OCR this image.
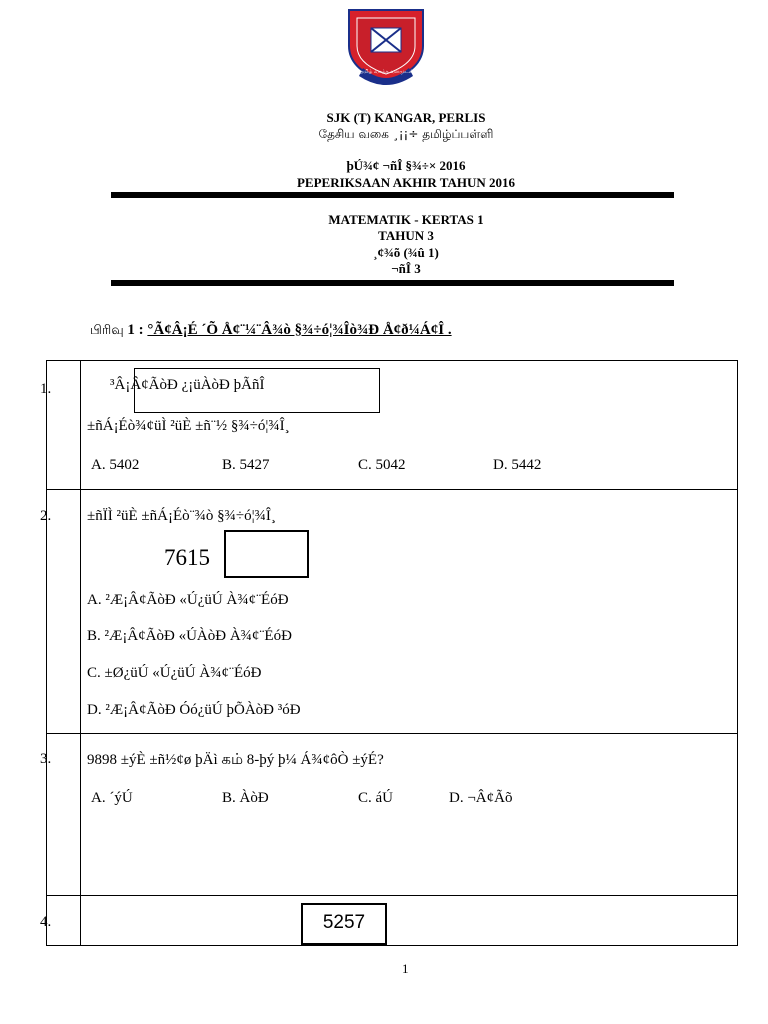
தமிழ் வாழ்க வளமுடன்
SJK (T) KANGAR, PERLIS
தேசிய வகை ¸¡¡÷ தமிழ்ப்பள்ளி
þÚ¾¢ ¬ñÎ §¾÷× 2016
PEPERIKSAAN AKHIR TAHUN 2016
MATEMATIK - KERTAS 1
TAHUN 3
¸¢¾õ (¾û 1)
¬ñÎ 3
பிரிவு 1 : °Ã¢Â¡É ´Õ Å¢¨¼¨Â¾ò §¾÷ó¦¾Îò¾Ð Å¢ð¼Á¢Î .
1.	³Â¡Â¢ÃòÐ ¿¡üÀòÐ þÃñÎ
±ñÁ¡Éò¾¢üÌ ²üÈ ±ñ¨½ §¾÷ó¦¾Î¸
A. 5402	B. 5427	C. 5042	D. 5442
2. ±ñÏÌ ²üÈ ±ñÁ¡Éò¨¾ò §¾÷ó¦¾Î¸
7615
A. ²Æ¡Â¢ÃòÐ «Ú¿üÚ À¾¢¨ÉóÐ
B. ²Æ¡Â¢ÃòÐ «ÚÀòÐ À¾¢¨ÉóÐ
C. ±Ø¿üÚ «Ú¿üÚ À¾¢¨ÉóÐ
D. ²Æ¡Â¢ÃòÐ Óó¿üÚ þÕÀòÐ ³óÐ
3. 9898 ±ýÈ ±ñ½¢ø þÄì கம் 8-þý þ¼ Á¾¢ôÒ ±ýÉ?
A. ´ýÚ	B. ÀòÐ	C. áÚ	D. ¬Â¢Ãõ
4.	5257
1
